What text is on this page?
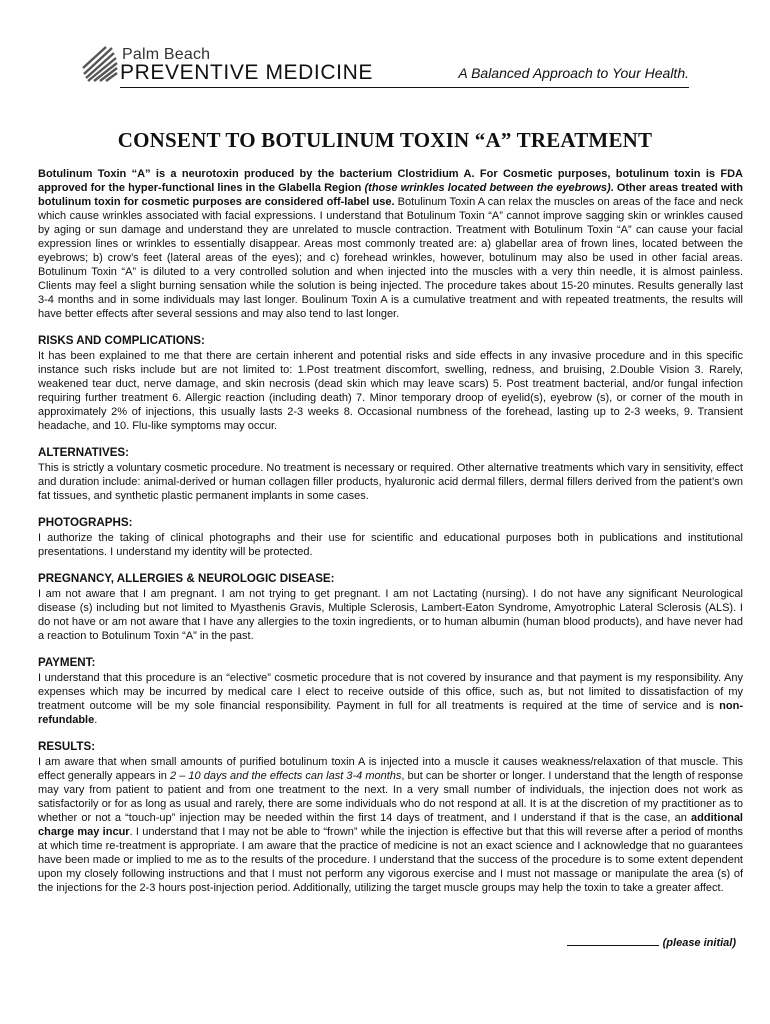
Palm Beach
PREVENTIVE MEDICINE	A Balanced Approach to Your Health.
CONSENT TO BOTULINUM TOXIN “A” TREATMENT

Botulinum Toxin “A” is a neurotoxin produced by the bacterium Clostridium A. For Cosmetic purposes, botulinum toxin is FDA approved for the hyper-functional lines in the Glabella Region (those wrinkles located between the eyebrows). Other areas treated with botulinum toxin for cosmetic purposes are considered off-label use. Botulinum Toxin A can relax the muscles on areas of the face and neck which cause wrinkles associated with facial expressions. I understand that Botulinum Toxin “A” cannot improve sagging skin or wrinkles caused by aging or sun damage and understand they are unrelated to muscle contraction. Treatment with Botulinum Toxin “A” can cause your facial expression lines or wrinkles to essentially disappear. Areas most commonly treated are: a) glabellar area of frown lines, located between the eyebrows; b) crow’s feet (lateral areas of the eyes); and c) forehead wrinkles, however, botulinum may also be used in other facial areas. Botulinum Toxin “A” is diluted to a very controlled solution and when injected into the muscles with a very thin needle, it is almost painless. Clients may feel a slight burning sensation while the solution is being injected. The procedure takes about 15-20 minutes. Results generally last 3-4 months and in some individuals may last longer. Boulinum Toxin A is a cumulative treatment and with repeated treatments, the results will have better effects after several sessions and may also tend to last longer.

RISKS AND COMPLICATIONS:

It has been explained to me that there are certain inherent and potential risks and side effects in any invasive procedure and in this specific instance such risks include but are not limited to: 1.Post treatment discomfort, swelling, redness, and bruising, 2.Double Vision 3. Rarely, weakened tear duct, nerve damage, and skin necrosis (dead skin which may leave scars) 5. Post treatment bacterial, and/or fungal infection requiring further treatment 6. Allergic reaction (including death) 7. Minor temporary droop of eyelid(s), eyebrow (s), or corner of the mouth in approximately 2% of injections, this usually lasts 2-3 weeks 8. Occasional numbness of the forehead, lasting up to 2-3 weeks, 9. Transient headache, and 10. Flu-like symptoms may occur.

ALTERNATIVES:

This is strictly a voluntary cosmetic procedure. No treatment is necessary or required. Other alternative treatments which vary in sensitivity, effect and duration include: animal-derived or human collagen filler products, hyaluronic acid dermal fillers, dermal fillers derived from the patient’s own fat tissues, and synthetic plastic permanent implants in some cases.

PHOTOGRAPHS:

I authorize the taking of clinical photographs and their use for scientific and educational purposes both in publications and institutional presentations. I understand my identity will be protected.

PREGNANCY, ALLERGIES & NEUROLOGIC DISEASE:

I am not aware that I am pregnant. I am not trying to get pregnant. I am not Lactating (nursing). I do not have any significant Neurological disease (s) including but not limited to Myasthenis Gravis, Multiple Sclerosis, Lambert-Eaton Syndrome, Amyotrophic Lateral Sclerosis (ALS). I do not have or am not aware that I have any allergies to the toxin ingredients, or to human albumin (human blood products), and have never had a reaction to Botulinum Toxin “A” in the past.

PAYMENT:

I understand that this procedure is an “elective” cosmetic procedure that is not covered by insurance and that payment is my responsibility. Any expenses which may be incurred by medical care I elect to receive outside of this office, such as, but not limited to dissatisfaction of my treatment outcome will be my sole financial responsibility. Payment in full for all treatments is required at the time of service and is non-refundable.

RESULTS:

I am aware that when small amounts of purified botulinum toxin A is injected into a muscle it causes weakness/relaxation of that muscle. This effect generally appears in 2 – 10 days and the effects can last 3-4 months, but can be shorter or longer. I understand that the length of response may vary from patient to patient and from one treatment to the next. In a very small number of individuals, the injection does not work as satisfactorily or for as long as usual and rarely, there are some individuals who do not respond at all. It is at the discretion of my practitioner as to whether or not a “touch-up” injection may be needed within the first 14 days of treatment, and I understand if that is the case, an additional charge may incur. I understand that I may not be able to “frown” while the injection is effective but that this will reverse after a period of months at which time re-treatment is appropriate. I am aware that the practice of medicine is not an exact science and I acknowledge that no guarantees have been made or implied to me as to the results of the procedure. I understand that the success of the procedure is to some extent dependent upon my closely following instructions and that I must not perform any vigorous exercise and I must not massage or manipulate the area (s) of the injections for the 2-3 hours post-injection period. Additionally, utilizing the target muscle groups may help the toxin to take a greater affect.

(please initial)
